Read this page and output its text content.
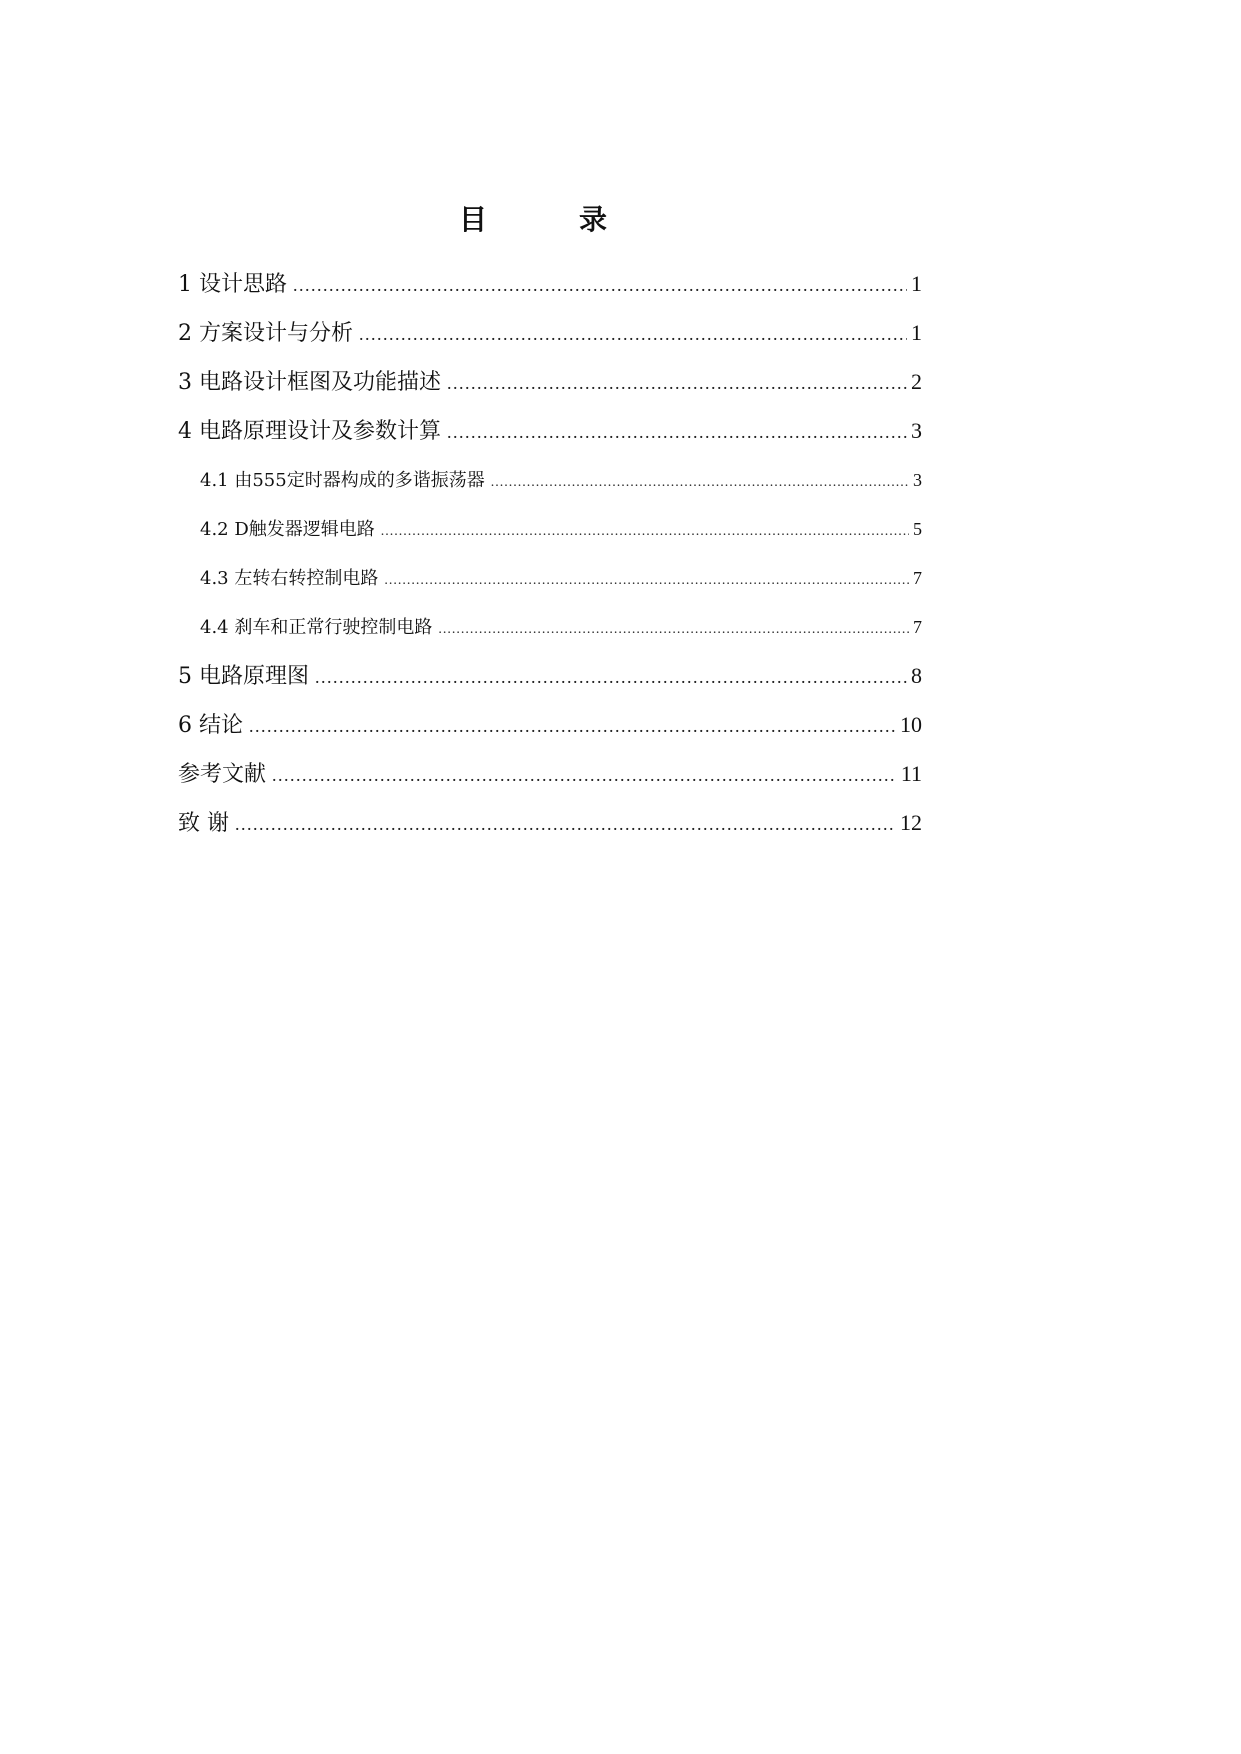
目　录
1 设计思路 .....	1
2 方案设计与分析 .....	1
3 电路设计框图及功能描述 .....	2
4 电路原理设计及参数计算 .....	3
4.1 由555定时器构成的多谐振荡器 .....	3
4.2 D触发器逻辑电路 .....	5
4.3 左转右转控制电路 .....	7
4.4 刹车和正常行驶控制电路 .....	7
5 电路原理图 .....	8
6 结论 .....	10
参考文献 .....	11
致 谢 .....	12
